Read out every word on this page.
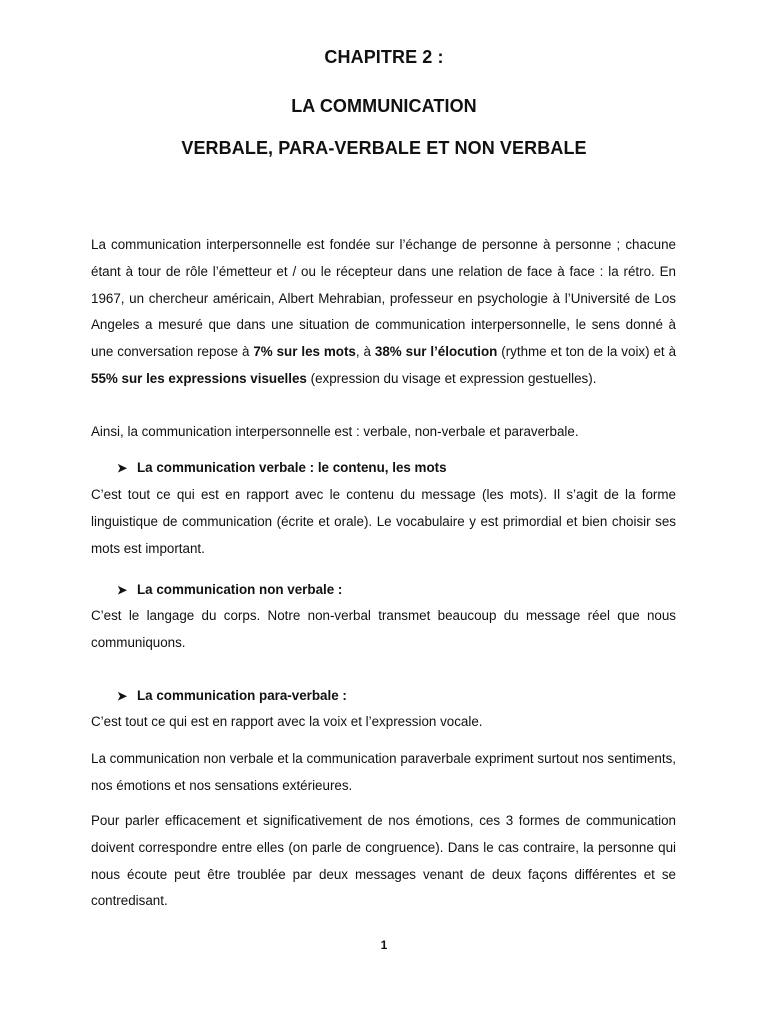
CHAPITRE 2 :
LA COMMUNICATION
VERBALE, PARA-VERBALE ET NON VERBALE
La communication interpersonnelle est fondée sur l’échange de personne à personne ; chacune étant à tour de rôle l’émetteur et / ou le récepteur dans une relation de face à face : la rétro. En 1967, un chercheur américain, Albert Mehrabian, professeur en psychologie à l’Université de Los Angeles a mesuré que dans une situation de communication interpersonnelle, le sens donné à une conversation repose à 7% sur les mots, à 38% sur l’élocution (rythme et ton de la voix) et à 55% sur les expressions visuelles (expression du visage et expression gestuelles).
Ainsi, la communication interpersonnelle est : verbale, non-verbale et paraverbale.
➤ La communication verbale : le contenu, les mots
C’est tout ce qui est en rapport avec le contenu du message (les mots). Il s’agit de la forme linguistique de communication (écrite et orale). Le vocabulaire y est primordial et bien choisir ses mots est important.
➤ La communication non verbale :
C’est le langage du corps. Notre non-verbal transmet beaucoup du message réel que nous communiquons.
➤ La communication para-verbale :
C’est tout ce qui est en rapport avec la voix et l’expression vocale.
La communication non verbale et la communication paraverbale expriment surtout nos sentiments, nos émotions et nos sensations extérieures.
Pour parler efficacement et significativement de nos émotions, ces 3 formes de communication doivent correspondre entre elles (on parle de congruence). Dans le cas contraire, la personne qui nous écoute peut être troublée par deux messages venant de deux façons différentes et se contredisant.
1
